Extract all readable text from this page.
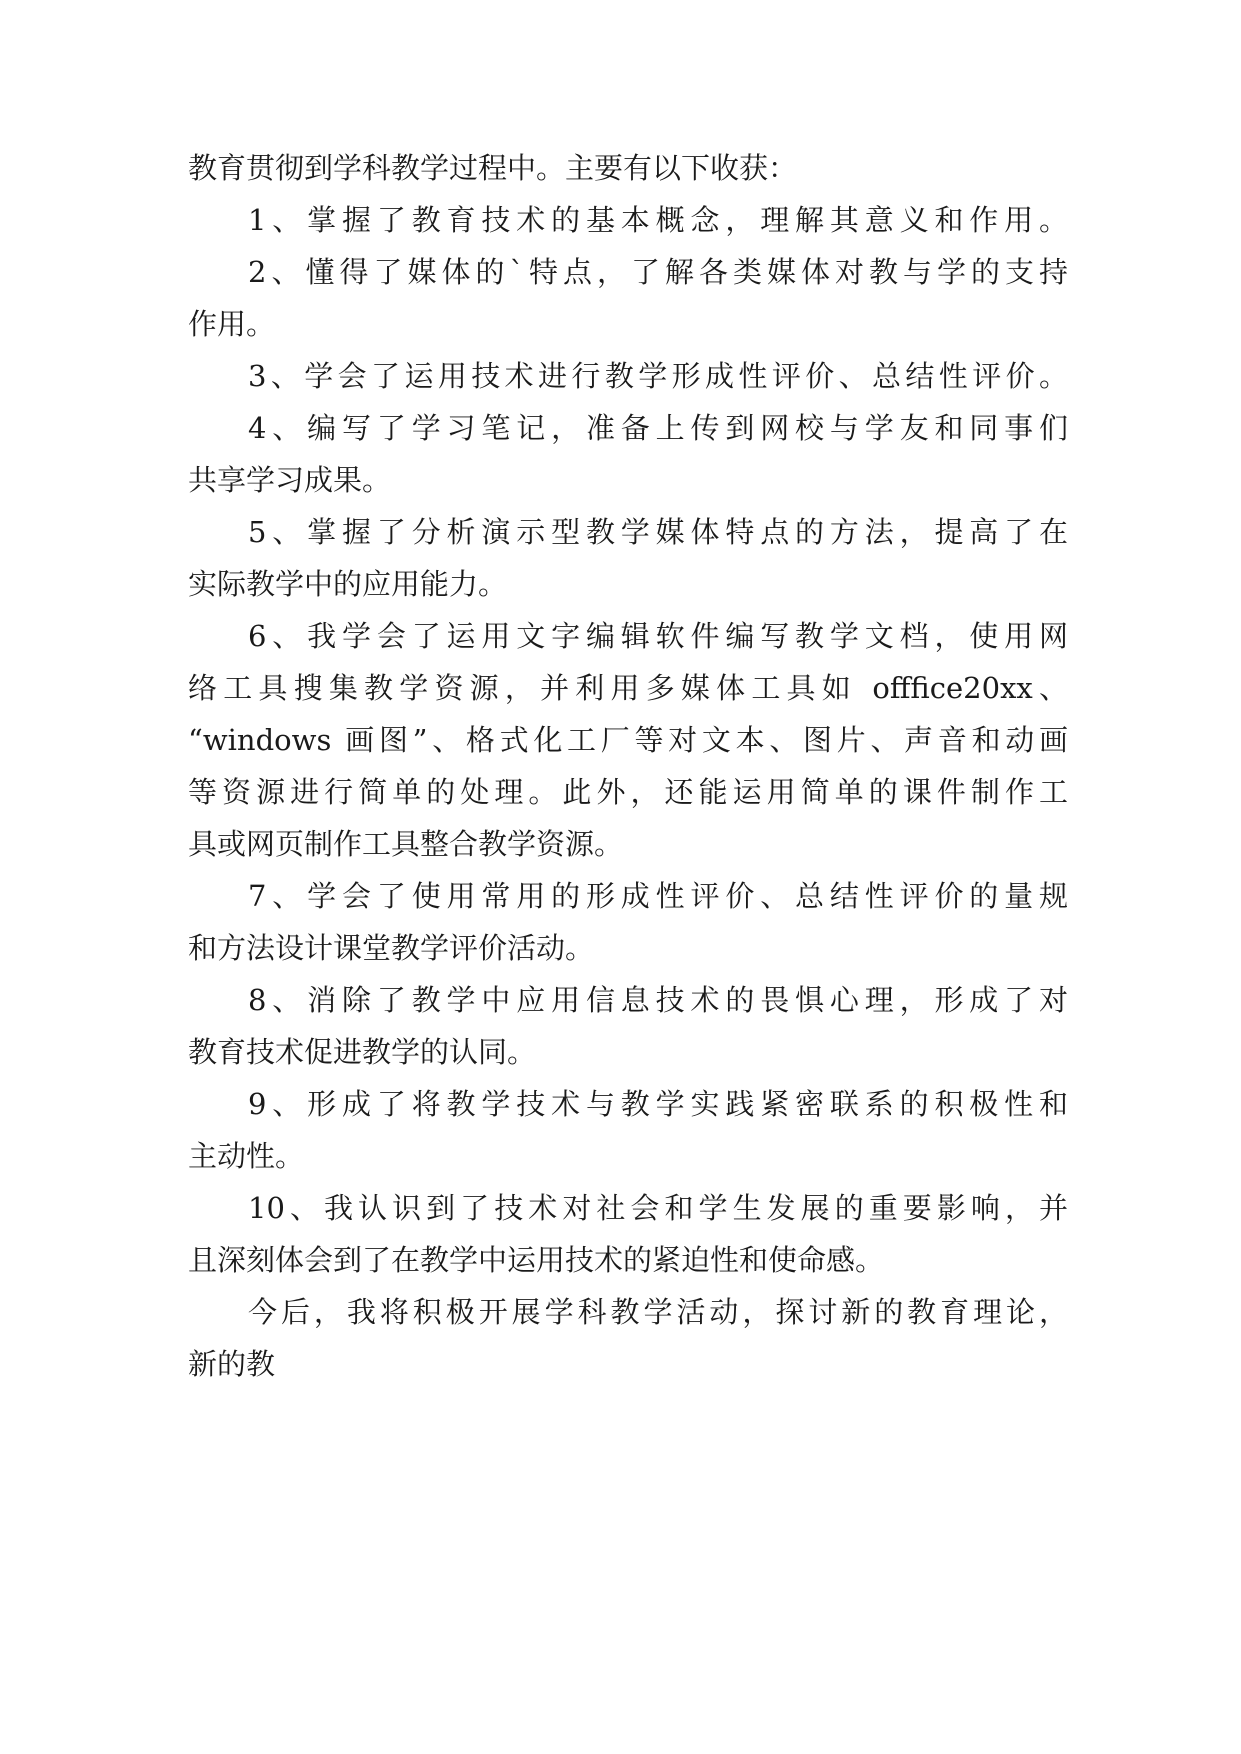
教育贯彻到学科教学过程中。主要有以下收获：
1、掌握了教育技术的基本概念，理解其意义和作用。
2、懂得了媒体的`特点，了解各类媒体对教与学的支持
作用。
3、学会了运用技术进行教学形成性评价、总结性评价。
4、编写了学习笔记，准备上传到网校与学友和同事们
共享学习成果。
5、掌握了分析演示型教学媒体特点的方法，提高了在
实际教学中的应用能力。
6、我学会了运用文字编辑软件编写教学文档，使用网
络工具搜集教学资源，并利用多媒体工具如 offfice20xx、
“windows 画图”、格式化工厂等对文本、图片、声音和动画
等资源进行简单的处理。此外，还能运用简单的课件制作工
具或网页制作工具整合教学资源。
7、学会了使用常用的形成性评价、总结性评价的量规
和方法设计课堂教学评价活动。
8、消除了教学中应用信息技术的畏惧心理，形成了对
教育技术促进教学的认同。
9、形成了将教学技术与教学实践紧密联系的积极性和
主动性。
10、我认识到了技术对社会和学生发展的重要影响，并
且深刻体会到了在教学中运用技术的紧迫性和使命感。
今后，我将积极开展学科教学活动，探讨新的教育理论，
新的教
